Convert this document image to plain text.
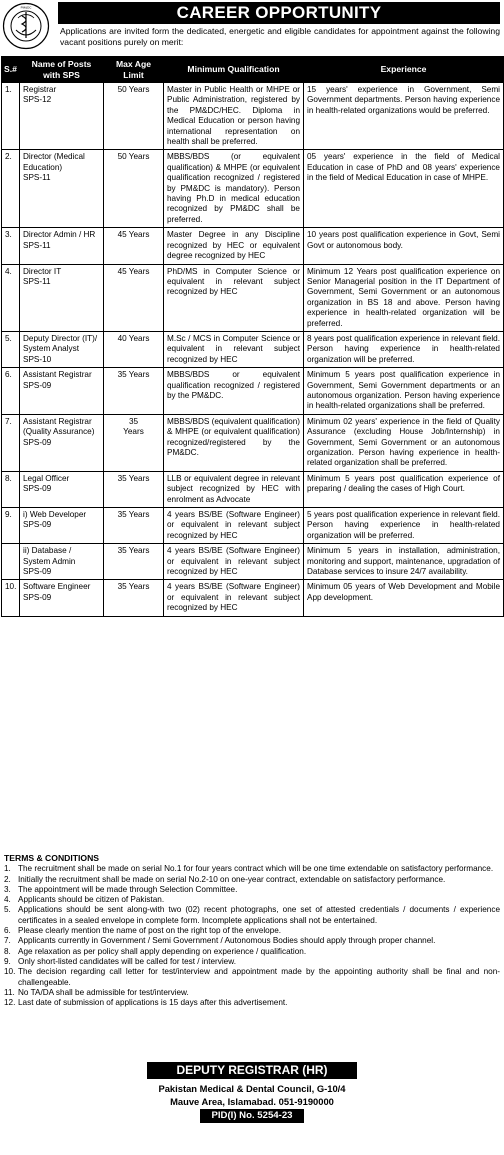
PM&DC	CAREER OPPORTUNITY
Applications are invited form the dedicated, energetic and eligible candidates for appointment against the following vacant positions purely on merit:
S.#	Name of Posts with SPS	Max Age Limit	Minimum Qualification	Experience
1.	Registrar
SPS-12	50 Years	Master in Public Health or MHPE or Public Administration, registered by the PM&DC/HEC. Diploma in Medical Education or person having international representation on health shall be preferred.	15 years' experience in Government, Semi Government departments. Person having experience in health-related organizations would be preferred.
2.	Director (Medical Education)
SPS-11	50 Years	MBBS/BDS (or equivalent qualification) & MHPE (or equivalent qualification recognized / registered by PM&DC is mandatory). Person having Ph.D in medical education recognized by PM&DC shall be preferred.	05 years' experience in the field of Medical Education in case of PhD and 08 years' experience in the field of Medical Education in case of MHPE.
3.	Director Admin / HR
SPS-11	45 Years	Master Degree in any Discipline recognized by HEC or equivalent degree recognized by HEC	10 years post qualification experience in Govt, Semi Govt or autonomous body.
4.	Director IT
SPS-11	45 Years	PhD/MS in Computer Science or equivalent in relevant subject recognized by HEC	Minimum 12 Years post qualification experience on Senior Managerial position in the IT Department of Government, Semi Government or an autonomous organization in BS 18 and above. Person having experience in health-related organization will be preferred.
5.	Deputy Director (IT)/ System Analyst
SPS-10	40 Years	M.Sc / MCS in Computer Science or equivalent in relevant subject recognized by HEC	8 years post qualification experience in relevant field. Person having experience in health-related organization will be preferred.
6.	Assistant Registrar
SPS-09	35 Years	MBBS/BDS or equivalent qualification recognized / registered by the PM&DC.	Minimum 5 years post qualification experience in Government, Semi Government departments or an autonomous organization. Person having experience in health-related organizations shall be preferred.
7.	Assistant Registrar (Quality Assurance)
SPS-09	35
Years	MBBS/BDS (equivalent qualification) & MHPE (or equivalent qualification) recognized/registered by the PM&DC.	Minimum 02 years' experience in the field of Quality Assurance (excluding House Job/Internship) in Government, Semi Government or an autonomous organization. Person having experience in health-related organization shall be preferred.
8.	Legal Officer
SPS-09	35 Years	LLB or equivalent degree in relevant subject recognized by HEC with enrolment as Advocate	Minimum 5 years post qualification experience of preparing / dealing the cases of High Court.
9.	i) Web Developer
SPS-09	35 Years	4 years BS/BE (Software Engineer) or equivalent in relevant subject recognized by HEC	5 years post qualification experience in relevant field. Person having experience in health-related organization will be preferred.
	ii) Database / System Admin
SPS-09	35 Years	4 years BS/BE (Software Engineer) or equivalent in relevant subject recognized by HEC	Minimum 5 years in installation, administration, monitoring and support, maintenance, upgradation of Database services to insure 24/7 availability.
10.	Software Engineer
SPS-09	35 Years	4 years BS/BE (Software Engineer) or equivalent in relevant subject recognized by HEC	Minimum 05 years of Web Development and Mobile App development.
TERMS & CONDITIONS
1. The recruitment shall be made on serial No.1 for four years contract which will be one time extendable on satisfactory performance.
2. Initially the recruitment shall be made on serial No.2-10 on one-year contract, extendable on satisfactory performance.
3. The appointment will be made through Selection Committee.
4. Applicants should be citizen of Pakistan.
5. Applications should be sent along-with two (02) recent photographs, one set of attested credentials / documents / experience certificates in a sealed envelope in complete form. Incomplete applications shall not be entertained.
6. Please clearly mention the name of post on the right top of the envelope.
7. Applicants currently in Government / Semi Government / Autonomous Bodies should apply through proper channel.
8. Age relaxation as per policy shall apply depending on experience / qualification.
9. Only short-listed candidates will be called for test / interview.
10. The decision regarding call letter for test/interview and appointment made by the appointing authority shall be final and non-challengeable.
11. No TA/DA shall be admissible for test/interview.
12. Last date of submission of applications is 15 days after this advertisement.
DEPUTY REGISTRAR (HR)
Pakistan Medical & Dental Council, G-10/4
Mauve Area, Islamabad. 051-9190000
PID(I) No. 5254-23
